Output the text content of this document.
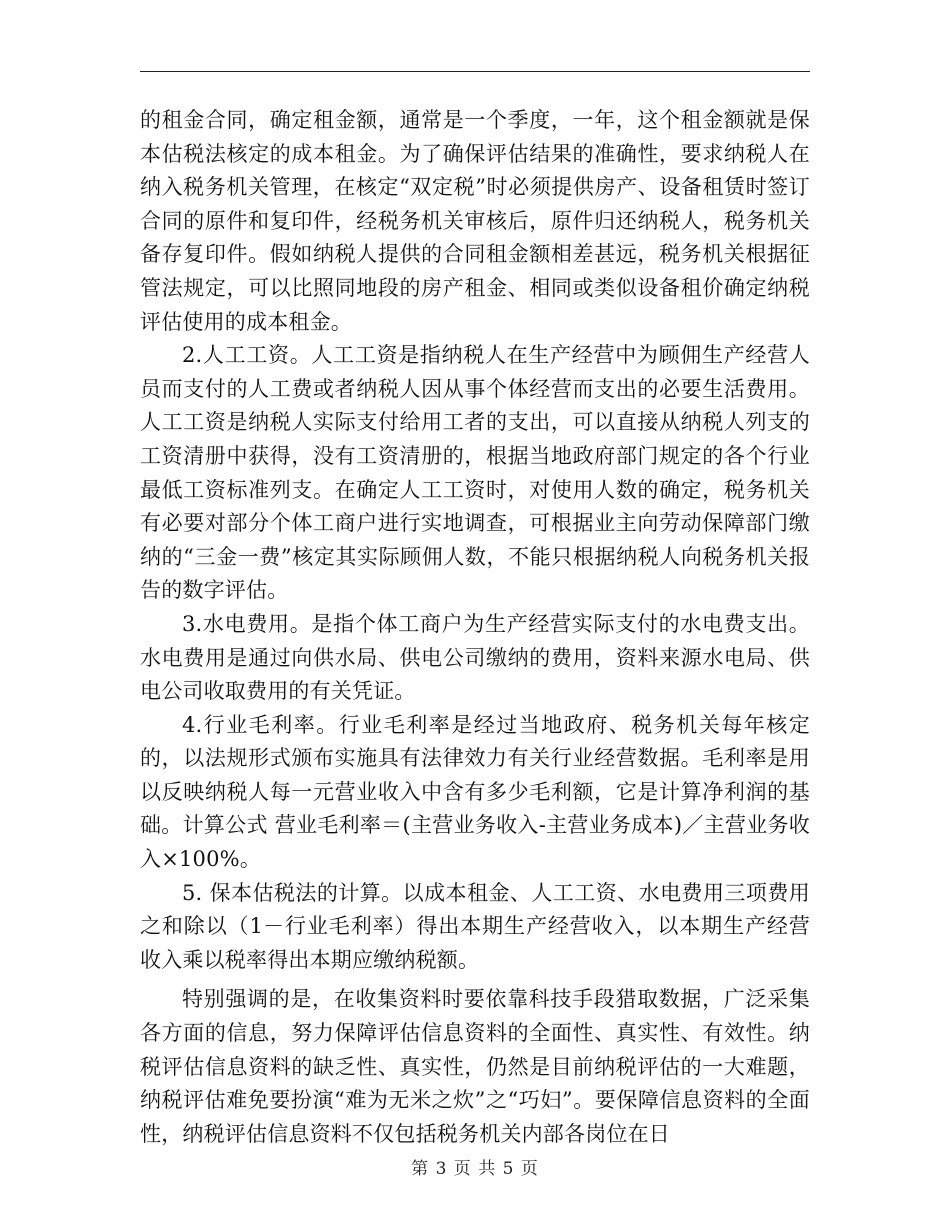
的租金合同，确定租金额，通常是一个季度，一年，这个租金额就是保本估税法核定的成本租金。为了确保评估结果的准确性，要求纳税人在纳入税务机关管理，在核定“双定税”时必须提供房产、设备租赁时签订合同的原件和复印件，经税务机关审核后，原件归还纳税人，税务机关备存复印件。假如纳税人提供的合同租金额相差甚远，税务机关根据征管法规定，可以比照同地段的房产租金、相同或类似设备租价确定纳税评估使用的成本租金。

2.人工工资。人工工资是指纳税人在生产经营中为顾佣生产经营人员而支付的人工费或者纳税人因从事个体经营而支出的必要生活费用。人工工资是纳税人实际支付给用工者的支出，可以直接从纳税人列支的工资清册中获得，没有工资清册的，根据当地政府部门规定的各个行业最低工资标准列支。在确定人工工资时，对使用人数的确定，税务机关有必要对部分个体工商户进行实地调查，可根据业主向劳动保障部门缴纳的“三金一费”核定其实际顾佣人数，不能只根据纳税人向税务机关报告的数字评估。

3.水电费用。是指个体工商户为生产经营实际支付的水电费支出。水电费用是通过向供水局、供电公司缴纳的费用，资料来源水电局、供电公司收取费用的有关凭证。

4.行业毛利率。行业毛利率是经过当地政府、税务机关每年核定的，以法规形式颁布实施具有法律效力有关行业经营数据。毛利率是用以反映纳税人每一元营业收入中含有多少毛利额，它是计算净利润的基础。计算公式 营业毛利率＝(主营业务收入-主营业务成本)／主营业务收入×100%。

5. 保本估税法的计算。以成本租金、人工工资、水电费用三项费用之和除以（1－行业毛利率）得出本期生产经营收入，以本期生产经营收入乘以税率得出本期应缴纳税额。

特别强调的是，在收集资料时要依靠科技手段猎取数据，广泛采集各方面的信息，努力保障评估信息资料的全面性、真实性、有效性。纳税评估信息资料的缺乏性、真实性，仍然是目前纳税评估的一大难题，纳税评估难免要扮演“难为无米之炊”之“巧妇”。要保障信息资料的全面性，纳税评估信息资料不仅包括税务机关内部各岗位在日

第 3 页 共 5 页
